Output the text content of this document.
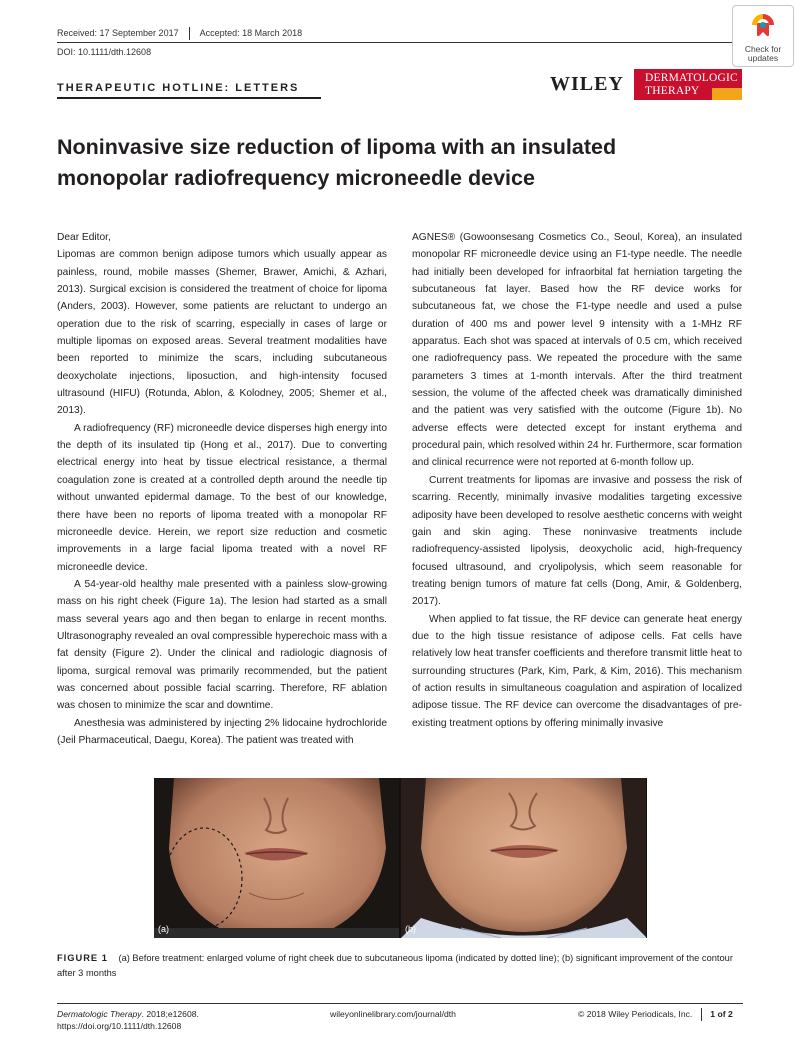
Received: 17 September 2017 Accepted: 18 March 2018
DOI: 10.1111/dth.12608	Check for updates
THERAPEUTIC HOTLINE: LETTERS	WILEY DERMATOLOGIC
THERAPY
Noninvasive size reduction of lipoma with an insulated monopolar radiofrequency microneedle device

Dear Editor,

Lipomas are common benign adipose tumors which usually appear as painless, round, mobile masses (Shemer, Brawer, Amichi, & Azhari, 2013). Surgical excision is considered the treatment of choice for lipoma (Anders, 2003). However, some patients are reluctant to undergo an operation due to the risk of scarring, especially in cases of large or multiple lipomas on exposed areas. Several treatment modalities have been reported to minimize the scars, including subcutaneous deoxycholate injections, liposuction, and high-intensity focused ultrasound (HIFU) (Rotunda, Ablon, & Kolodney, 2005; Shemer et al., 2013).

A radiofrequency (RF) microneedle device disperses high energy into the depth of its insulated tip (Hong et al., 2017). Due to converting electrical energy into heat by tissue electrical resistance, a thermal coagulation zone is created at a controlled depth around the needle tip without unwanted epidermal damage. To the best of our knowledge, there have been no reports of lipoma treated with a monopolar RF microneedle device. Herein, we report size reduction and cosmetic improvements in a large facial lipoma treated with a novel RF microneedle device.

A 54-year-old healthy male presented with a painless slow-growing mass on his right cheek (Figure 1a). The lesion had started as a small mass several years ago and then began to enlarge in recent months. Ultrasonography revealed an oval compressible hyperechoic mass with a fat density (Figure 2). Under the clinical and radiologic diagnosis of lipoma, surgical removal was primarily recommended, but the patient was concerned about possible facial scarring. Therefore, RF ablation was chosen to minimize the scar and downtime.

Anesthesia was administered by injecting 2% lidocaine hydrochloride (Jeil Pharmaceutical, Daegu, Korea). The patient was treated with

AGNES® (Gowoonsesang Cosmetics Co., Seoul, Korea), an insulated monopolar RF microneedle device using an F1-type needle. The needle had initially been developed for infraorbital fat herniation targeting the subcutaneous fat layer. Based how the RF device works for subcutaneous fat, we chose the F1-type needle and used a pulse duration of 400 ms and power level 9 intensity with a 1-MHz RF apparatus. Each shot was spaced at intervals of 0.5 cm, which received one radiofrequency pass. We repeated the procedure with the same parameters 3 times at 1-month intervals. After the third treatment session, the volume of the affected cheek was dramatically diminished and the patient was very satisfied with the outcome (Figure 1b). No adverse effects were detected except for instant erythema and procedural pain, which resolved within 24 hr. Furthermore, scar formation and clinical recurrence were not reported at 6-month follow up.

Current treatments for lipomas are invasive and possess the risk of scarring. Recently, minimally invasive modalities targeting excessive adiposity have been developed to resolve aesthetic concerns with weight gain and skin aging. These noninvasive treatments include radiofrequency-assisted lipolysis, deoxycholic acid, high-frequency focused ultrasound, and cryolipolysis, which seem reasonable for treating benign tumors of mature fat cells (Dong, Amir, & Goldenberg, 2017).

When applied to fat tissue, the RF device can generate heat energy due to the high tissue resistance of adipose cells. Fat cells have relatively low heat transfer coefficients and therefore transmit little heat to surrounding structures (Park, Kim, Park, & Kim, 2016). This mechanism of action results in simultaneous coagulation and aspiration of localized adipose tissue. The RF device can overcome the disadvantages of pre-existing treatment options by offering minimally invasive

(a)	(b)
FIGURE 1 (a) Before treatment: enlarged volume of right cheek due to subcutaneous lipoma (indicated by dotted line); (b) significant improvement of the contour after 3 months
Dermatologic Therapy. 2018;e12608.
https://doi.org/10.1111/dth.12608
wileyonlinelibrary.com/journal/dth	© 2018 Wiley Periodicals, Inc. 1 of 2
